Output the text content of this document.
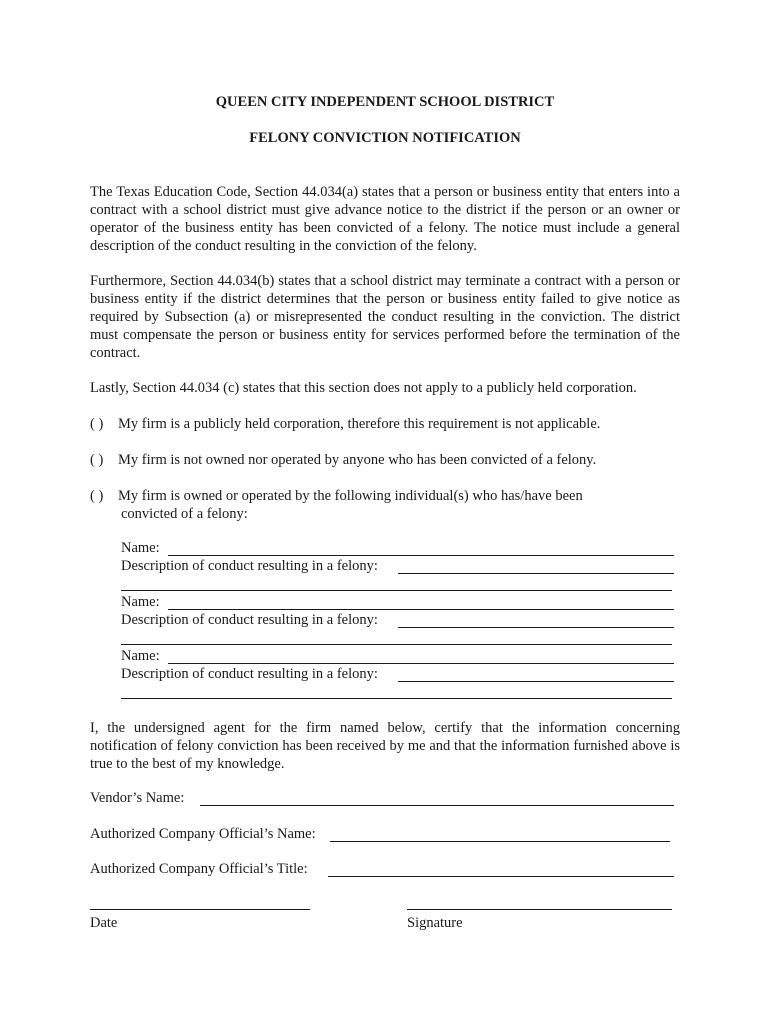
QUEEN CITY INDEPENDENT SCHOOL DISTRICT
FELONY CONVICTION NOTIFICATION
The Texas Education Code, Section 44.034(a) states that a person or business entity that enters into a contract with a school district must give advance notice to the district if the person or an owner or operator of the business entity has been convicted of a felony. The notice must include a general description of the conduct resulting in the conviction of the felony.
Furthermore, Section 44.034(b) states that a school district may terminate a contract with a person or business entity if the district determines that the person or business entity failed to give notice as required by Subsection (a) or misrepresented the conduct resulting in the conviction. The district must compensate the person or business entity for services performed before the termination of the contract.
Lastly, Section 44.034 (c) states that this section does not apply to a publicly held corporation.
( ) My firm is a publicly held corporation, therefore this requirement is not applicable.
( ) My firm is not owned nor operated by anyone who has been convicted of a felony.
( ) My firm is owned or operated by the following individual(s) who has/have been
convicted of a felony:
Name:
Description of conduct resulting in a felony:
Name:
Description of conduct resulting in a felony:
Name:
Description of conduct resulting in a felony:
I, the undersigned agent for the firm named below, certify that the information concerning notification of felony conviction has been received by me and that the information furnished above is true to the best of my knowledge.
Vendor’s Name:
Authorized Company Official’s Name:
Authorized Company Official’s Title:
Date	Signature
